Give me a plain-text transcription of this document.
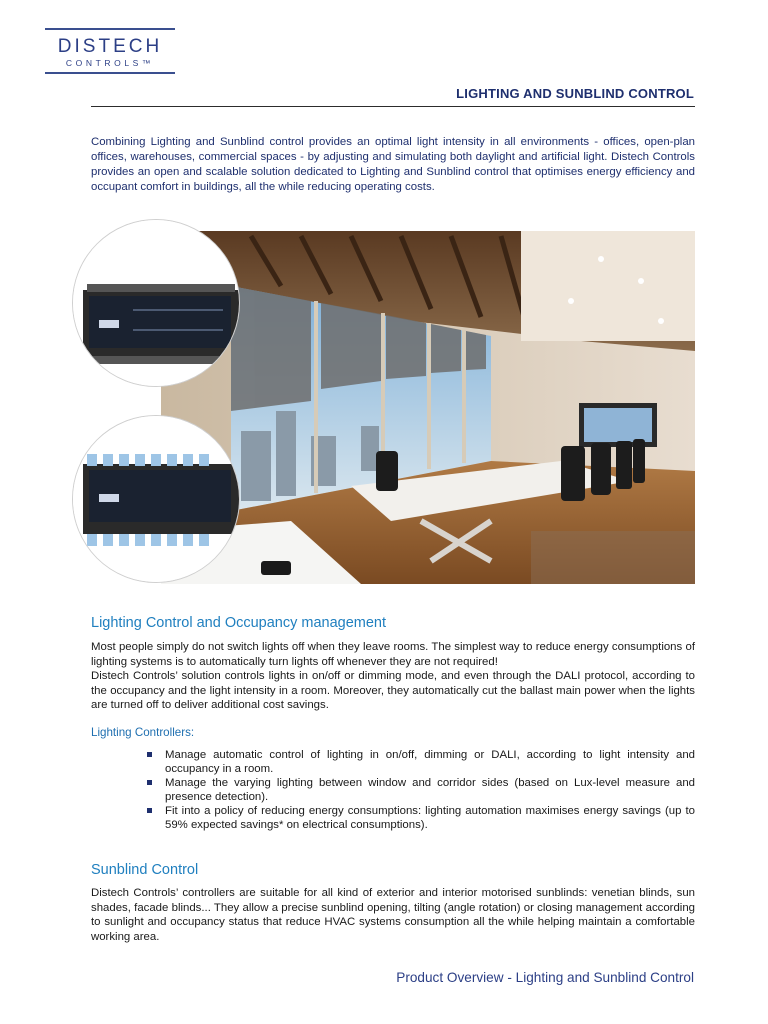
DISTECH
CONTROLS™
LIGHTING AND SUNBLIND CONTROL
Combining Lighting and Sunblind control provides an optimal light intensity in all environments - offices, open-plan offices, warehouses, commercial spaces - by adjusting and simulating both daylight and artificial light. Distech Controls provides an open and scalable solution dedicated to Lighting and Sunblind control that optimises energy efficiency and occupant comfort in buildings, all the while reducing operating costs.
Lighting Control and Occupancy management
Most people simply do not switch lights off when they leave rooms. The simplest way to reduce energy consumptions of lighting systems is to automatically turn lights off whenever they are not required!
Distech Controls’ solution controls lights in on/off or dimming mode, and even through the DALI protocol, according to the occupancy and the light intensity in a room. Moreover, they automatically cut the ballast main power when the lights are turned off to deliver additional cost savings.
Lighting Controllers:
Manage automatic control of lighting in on/off, dimming or DALI, according to light intensity and occupancy in a room.
Manage the varying lighting between window and corridor sides (based on Lux-level measure and presence detection).
Fit into a policy of reducing energy consumptions: lighting automation maximises energy savings (up to 59% expected savings* on electrical consumptions).
Sunblind Control
Distech Controls’ controllers are suitable for all kind of exterior and interior motorised sunblinds: venetian blinds, sun shades, facade blinds... They allow a precise sunblind opening, tilting (angle rotation) or closing management according to sunlight and occupancy status that reduce HVAC systems consumption all the while helping maintain a comfortable working area.
Product Overview - Lighting and Sunblind Control
